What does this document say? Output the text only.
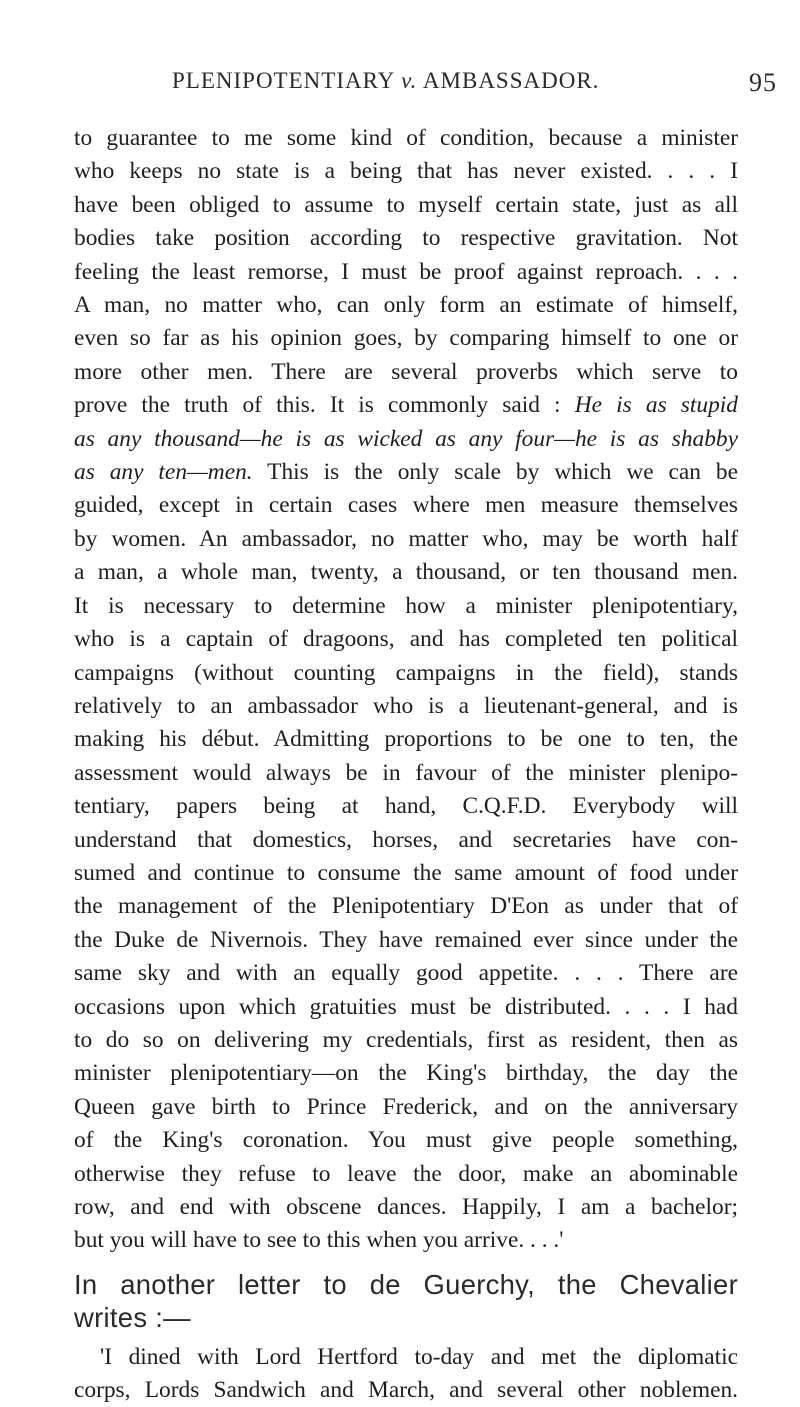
PLENIPOTENTIARY v. AMBASSADOR.	95
to guarantee to me some kind of condition, because a minister
who keeps no state is a being that has never existed. . . . I
have been obliged to assume to myself certain state, just as all
bodies take position according to respective gravitation. Not
feeling the least remorse, I must be proof against reproach. . . .
A man, no matter who, can only form an estimate of himself,
even so far as his opinion goes, by comparing himself to one or
more other men. There are several proverbs which serve to
prove the truth of this. It is commonly said : He is as stupid
as any thousand—he is as wicked as any four—he is as shabby
as any ten—men. This is the only scale by which we can be
guided, except in certain cases where men measure themselves
by women. An ambassador, no matter who, may be worth half
a man, a whole man, twenty, a thousand, or ten thousand men.
It is necessary to determine how a minister plenipotentiary,
who is a captain of dragoons, and has completed ten political
campaigns (without counting campaigns in the field), stands
relatively to an ambassador who is a lieutenant-general, and is
making his début. Admitting proportions to be one to ten, the
assessment would always be in favour of the minister plenipo-
tentiary, papers being at hand, C.Q.F.D. Everybody will
understand that domestics, horses, and secretaries have con-
sumed and continue to consume the same amount of food under
the management of the Plenipotentiary D'Eon as under that of
the Duke de Nivernois. They have remained ever since under the
same sky and with an equally good appetite. . . . There are
occasions upon which gratuities must be distributed. . . . I had
to do so on delivering my credentials, first as resident, then as
minister plenipotentiary—on the King's birthday, the day the
Queen gave birth to Prince Frederick, and on the anniversary
of the King's coronation. You must give people something,
otherwise they refuse to leave the door, make an abominable
row, and end with obscene dances. Happily, I am a bachelor;
but you will have to see to this when you arrive. . . .'
In another letter to de Guerchy, the Chevalier
writes :—
'I dined with Lord Hertford to-day and met the diplomatic
corps, Lords Sandwich and March, and several other noblemen.
